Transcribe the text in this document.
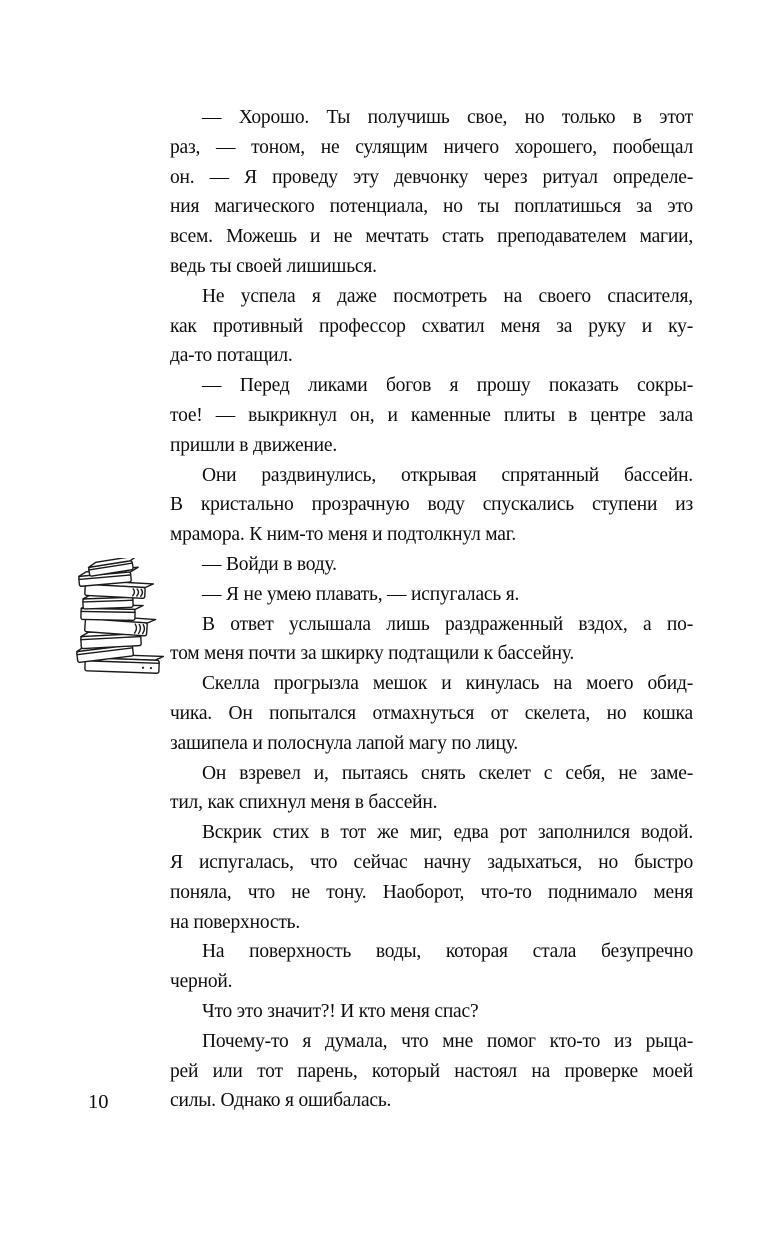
— Хорошо. Ты получишь свое, но только в этот
раз, — тоном, не сулящим ничего хорошего, пообещал
он. — Я проведу эту девчонку через ритуал определе-
ния магического потенциала, но ты поплатишься за это
всем. Можешь и не мечтать стать преподавателем магии,
ведь ты своей лишишься.
Не успела я даже посмотреть на своего спасителя,
как противный профессор схватил меня за руку и ку-
да-то потащил.
— Перед ликами богов я прошу показать сокры-
тое! — выкрикнул он, и каменные плиты в центре зала
пришли в движение.
Они раздвинулись, открывая спрятанный бассейн.
В кристально прозрачную воду спускались ступени из
мрамора. К ним-то меня и подтолкнул маг.
— Войди в воду.
— Я не умею плавать, — испугалась я.
В ответ услышала лишь раздраженный вздох, а по-
том меня почти за шкирку подтащили к бассейну.
Скелла прогрызла мешок и кинулась на моего обид-
чика. Он попытался отмахнуться от скелета, но кошка
зашипела и полоснула лапой магу по лицу.
Он взревел и, пытаясь снять скелет с себя, не заме-
тил, как спихнул меня в бассейн.
Вскрик стих в тот же миг, едва рот заполнился водой.
Я испугалась, что сейчас начну задыхаться, но быстро
поняла, что не тону. Наоборот, что-то поднимало меня
на поверхность.
На поверхность воды, которая стала безупречно
черной.
Что это значит?! И кто меня спас?
Почему-то я думала, что мне помог кто-то из рыца-
рей или тот парень, который настоял на проверке моей
силы. Однако я ошибалась.
10
